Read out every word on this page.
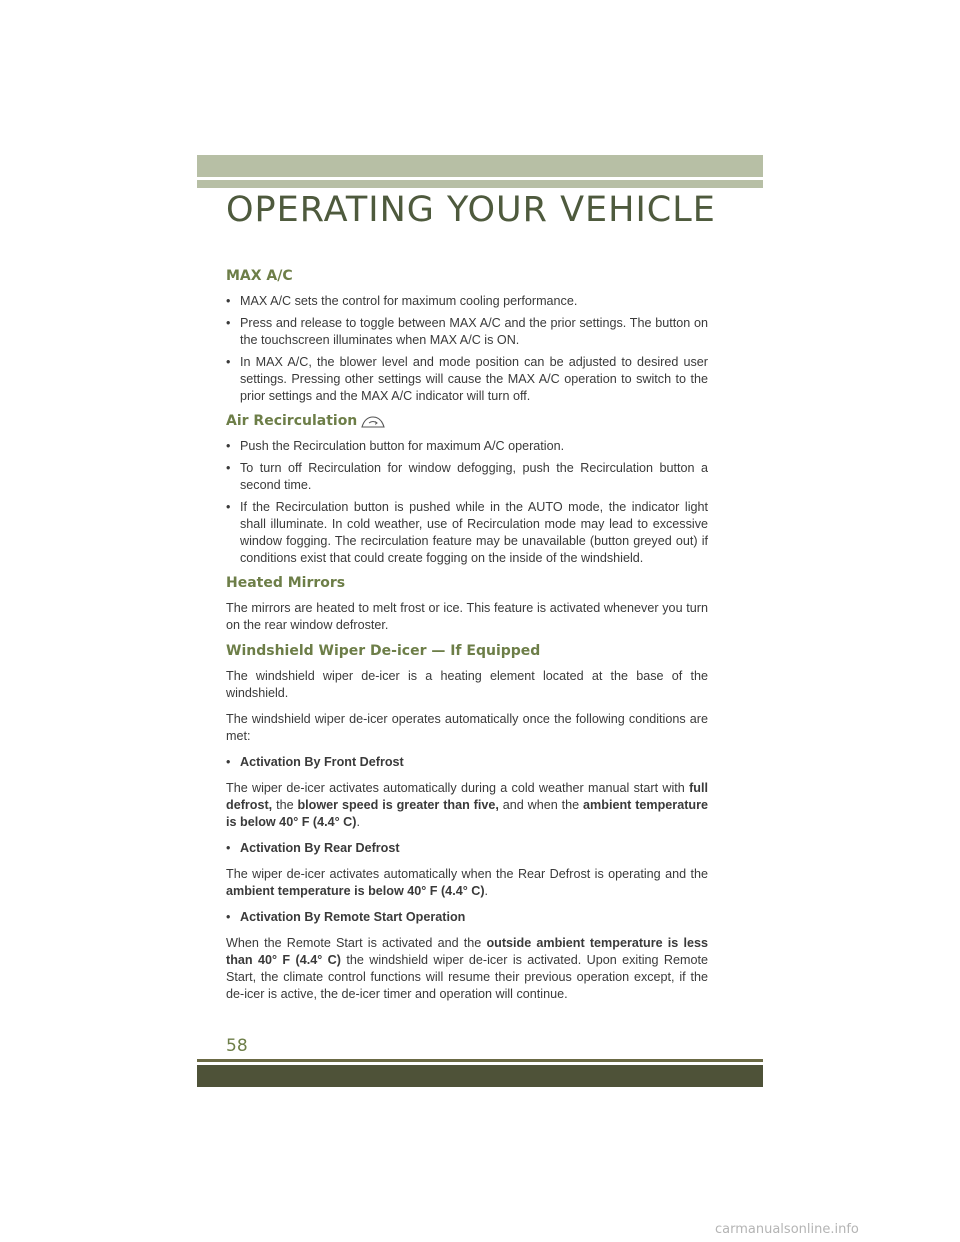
OPERATING YOUR VEHICLE
MAX A/C
• MAX A/C sets the control for maximum cooling performance.
• Press and release to toggle between MAX A/C and the prior settings. The button on the touchscreen illuminates when MAX A/C is ON.
• In MAX A/C, the blower level and mode position can be adjusted to desired user settings. Pressing other settings will cause the MAX A/C operation to switch to the prior settings and the MAX A/C indicator will turn off.
Air Recirculation
• Push the Recirculation button for maximum A/C operation.
• To turn off Recirculation for window defogging, push the Recirculation button a second time.
• If the Recirculation button is pushed while in the AUTO mode, the indicator light shall illuminate. In cold weather, use of Recirculation mode may lead to excessive window fogging. The recirculation feature may be unavailable (button greyed out) if conditions exist that could create fogging on the inside of the windshield.
Heated Mirrors

The mirrors are heated to melt frost or ice. This feature is activated whenever you turn on the rear window defroster.

Windshield Wiper De-icer — If Equipped

The windshield wiper de-icer is a heating element located at the base of the windshield.

The windshield wiper de-icer operates automatically once the following conditions are met:

• Activation By Front Defrost

The wiper de-icer activates automatically during a cold weather manual start with full defrost, the blower speed is greater than five, and when the ambient temperature is below 40° F (4.4° C).

• Activation By Rear Defrost

The wiper de-icer activates automatically when the Rear Defrost is operating and the ambient temperature is below 40° F (4.4° C).

• Activation By Remote Start Operation

When the Remote Start is activated and the outside ambient temperature is less than 40° F (4.4° C) the windshield wiper de-icer is activated. Upon exiting Remote Start, the climate control functions will resume their previous operation except, if the de-icer is active, the de-icer timer and operation will continue.

58
carmanualsonline.info
